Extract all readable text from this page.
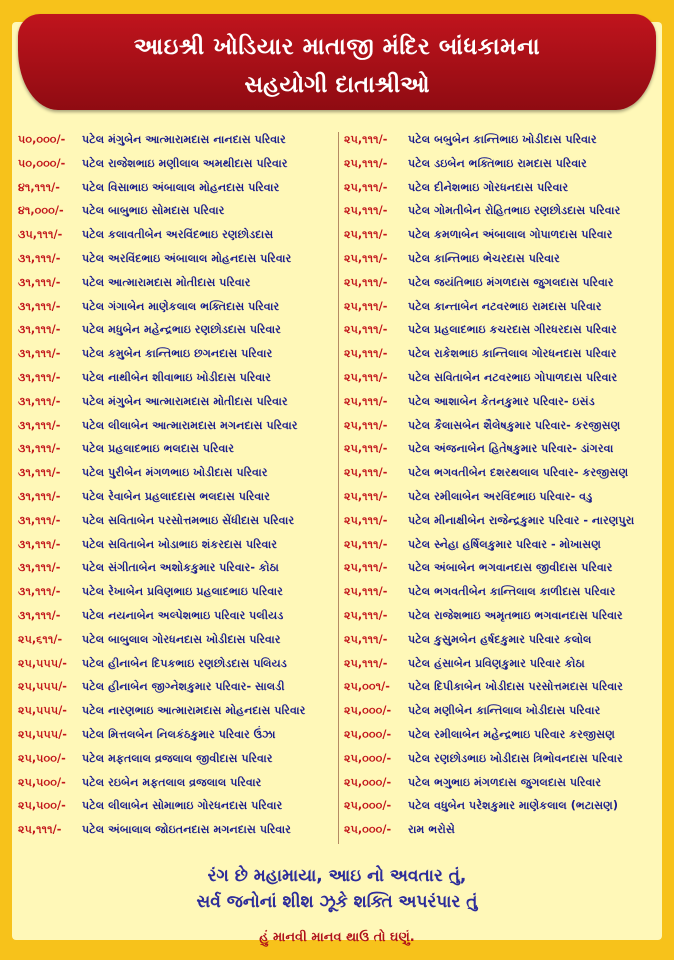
આઇશ્રી ખોડિયાર માતાજી મંદિર બાંધકામના
સહયોગી દાતાશ્રીઓ
૫૦,૦૦૦/- પટેલ મંગુબેન આત્મારામદાસ નાનદાસ પરિવાર
૫૦,૦૦૦/- પટેલ રાજેશભાઇ મણીલાલ અમથીદાસ પરિવાર
૪૧,૧૧૧/- પટેલ વિસાભાઇ અંબાલાલ મોહનદાસ પરિવાર
૪૧,૦૦૦/- પટેલ બાબુભાઇ સોમદાસ પરિવાર
૩૫,૧૧૧/- પટેલ કલાવતીબેન અરવિંદભાઇ રણછોડદાસ
૩૧,૧૧૧/- પટેલ અરવિંદભાઇ અંબાલાલ મોહનદાસ પરિવાર
૩૧,૧૧૧/- પટેલ આત્મારામદાસ મોતીદાસ પરિવાર
૩૧,૧૧૧/- પટેલ ગંગાબેન માણેકલાલ ભક્તિદાસ પરિવાર
૩૧,૧૧૧/- પટેલ મધુબેન મહેન્દ્રભાઇ રણછોડદાસ પરિવાર
૩૧,૧૧૧/- પટેલ કમુબેન કાન્તિભાઇ છગનદાસ પરિવાર
૩૧,૧૧૧/- પટેલ નાથીબેન શીવાભાઇ ખોડીદાસ પરિવાર
૩૧,૧૧૧/- પટેલ મંગુબેન આત્મારામદાસ મોતીદાસ પરિવાર
૩૧,૧૧૧/- પટેલ લીલાબેન આત્મારામદાસ મગનદાસ પરિવાર
૩૧,૧૧૧/- પટેલ પ્રહલાદભાઇ ભલદાસ પરિવાર
૩૧,૧૧૧/- પટેલ પુરીબેન મંગળભાઇ ખોડીદાસ પરિવાર
૩૧,૧૧૧/- પટેલ રેવાબેન પ્રહલાદદાસ ભલદાસ પરિવાર
૩૧,૧૧૧/- પટેલ સવિતાબેન પરસોત્તમભાઇ સેંધીદાસ પરિવાર
૩૧,૧૧૧/- પટેલ સવિતાબેન ખોડાભાઇ શંકરદાસ પરિવાર
૩૧,૧૧૧/- પટેલ સંગીતાબેન અશોકકુમાર પરિવાર- કોઠા
૩૧,૧૧૧/- પટેલ રેખાબેન પ્રવિણભાઇ પ્રહલાદભાઇ પરિવાર
૩૧,૧૧૧/- પટેલ નયનાબેન અલ્પેશભાઇ પરિવાર પલીયડ
૨૫,૬૧૧/- પટેલ બાબુલાલ ગોરધનદાસ ખોડીદાસ પરિવાર
૨૫,૫૫૫/- પટેલ હીનાબેન દિપકભાઇ રણછોડદાસ પલિયડ
૨૫,૫૫૫/- પટેલ હીનાબેન જીગ્નેશકુમાર પરિવાર- સાલડી
૨૫,૫૫૫/- પટેલ નારણભાઇ આત્મારામદાસ મોહનદાસ પરિવાર
૨૫,૫૫૫/- પટેલ મિત્તલબેન નિલકંઠકુમાર પરિવાર ઉંઝા
૨૫,૫૦૦/- પટેલ મફતલાલ વ્રજલાલ જીવીદાસ પરિવાર
૨૫,૫૦૦/- પટેલ રઇબેન મફતલાલ વ્રજલાલ પરિવાર
૨૫,૫૦૦/- પટેલ લીલાબેન સોમાભાઇ ગોરધનદાસ પરિવાર
૨૫,૧૧૧/- પટેલ અંબાલાલ જોઇતનદાસ મગનદાસ પરિવાર
૨૫,૧૧૧/- પટેલ બબુબેન કાન્તિભાઇ ખોડીદાસ પરિવાર
૨૫,૧૧૧/- પટેલ ડઇબેન ભક્તિભાઇ રામદાસ પરિવાર
૨૫,૧૧૧/- પટેલ દીનેશભાઇ ગોરધનદાસ પરિવાર
૨૫,૧૧૧/- પટેલ ગોમતીબેન રોહિતભાઇ રણછોડદાસ પરિવાર
૨૫,૧૧૧/- પટેલ કમળાબેન અંબાલાલ ગોપાળદાસ પરિવાર
૨૫,૧૧૧/- પટેલ કાન્તિભાઇ ભેચરદાસ પરિવાર
૨૫,૧૧૧/- પટેલ જયંતિભાઇ મંગળદાસ જુગલદાસ પરિવાર
૨૫,૧૧૧/- પટેલ કાન્તાબેન નટવરભાઇ રામદાસ પરિવાર
૨૫,૧૧૧/- પટેલ પ્રહલાદભાઇ કચરદાસ ગીરધરદાસ પરિવાર
૨૫,૧૧૧/- પટેલ રાકેશભાઇ કાન્તિલાલ ગોરધનદાસ પરિવાર
૨૫,૧૧૧/- પટેલ સવિતાબેન નટવરભાઇ ગોપાળદાસ પરિવાર
૨૫,૧૧૧/- પટેલ આશાબેન કેતનકુમાર પરિવાર- ઇસંડ
૨૫,૧૧૧/- પટેલ કૈલાસબેન શૈલેષકુમાર પરિવાર- કરજીસણ
૨૫,૧૧૧/- પટેલ અંજનાબેન હિતેષકુમાર પરિવાર- ડાંગરવા
૨૫,૧૧૧/- પટેલ ભગવતીબેન દશરથલાલ પરિવાર- કરજીસણ
૨૫,૧૧૧/- પટેલ રમીલાબેન અરવિંદભાઇ પરિવાર- વડુ
૨૫,૧૧૧/- પટેલ મીનાક્ષીબેન રાજેન્દ્રકુમાર પરિવાર - નારણપુરા
૨૫,૧૧૧/- પટેલ સ્નેહા હર્ષિલકુમાર પરિવાર - મોખાસણ
૨૫,૧૧૧/- પટેલ અંબાબેન ભગવાનદાસ જીવીદાસ પરિવાર
૨૫,૧૧૧/- પટેલ ભગવતીબેન કાન્તિલાલ કાળીદાસ પરિવાર
૨૫,૧૧૧/- પટેલ રાજેશભાઇ અમૃતભાઇ ભગવાનદાસ પરિવાર
૨૫,૧૧૧/- પટેલ કુસુમબેન હર્ષદકુમાર પરિવાર કલોલ
૨૫,૧૧૧/- પટેલ હંસાબેન પ્રવિણકુમાર પરિવાર કોઠા
૨૫,૦૦૧/- પટેલ દિપીકાબેન ખોડીદાસ પરસોત્તમદાસ પરિવાર
૨૫,૦૦૦/- પટેલ મણીબેન કાન્તિલાલ ખોડીદાસ પરિવાર
૨૫,૦૦૦/- પટેલ રમીલાબેન મહેન્દ્રભાઇ પરિવાર કરજીસણ
૨૫,૦૦૦/- પટેલ રણછોડભાઇ ખોડીદાસ ત્રિભોવનદાસ પરિવાર
૨૫,૦૦૦/- પટેલ ભગુભાઇ મંગળદાસ જુગલદાસ પરિવાર
૨૫,૦૦૦/- પટેલ વધુબેન પરેશકુમાર માણેકલાલ (ભટાસણ)
૨૫,૦૦૦/- રામ ભરોસે
રંગ છે મહામાયા, આઇ નો અવતાર તું,
સર્વ જનોનાં શીશ ઝૂકે શક્તિ અપરંપાર તું
હું માનવી માનવ થાઉ તો ઘણું.
